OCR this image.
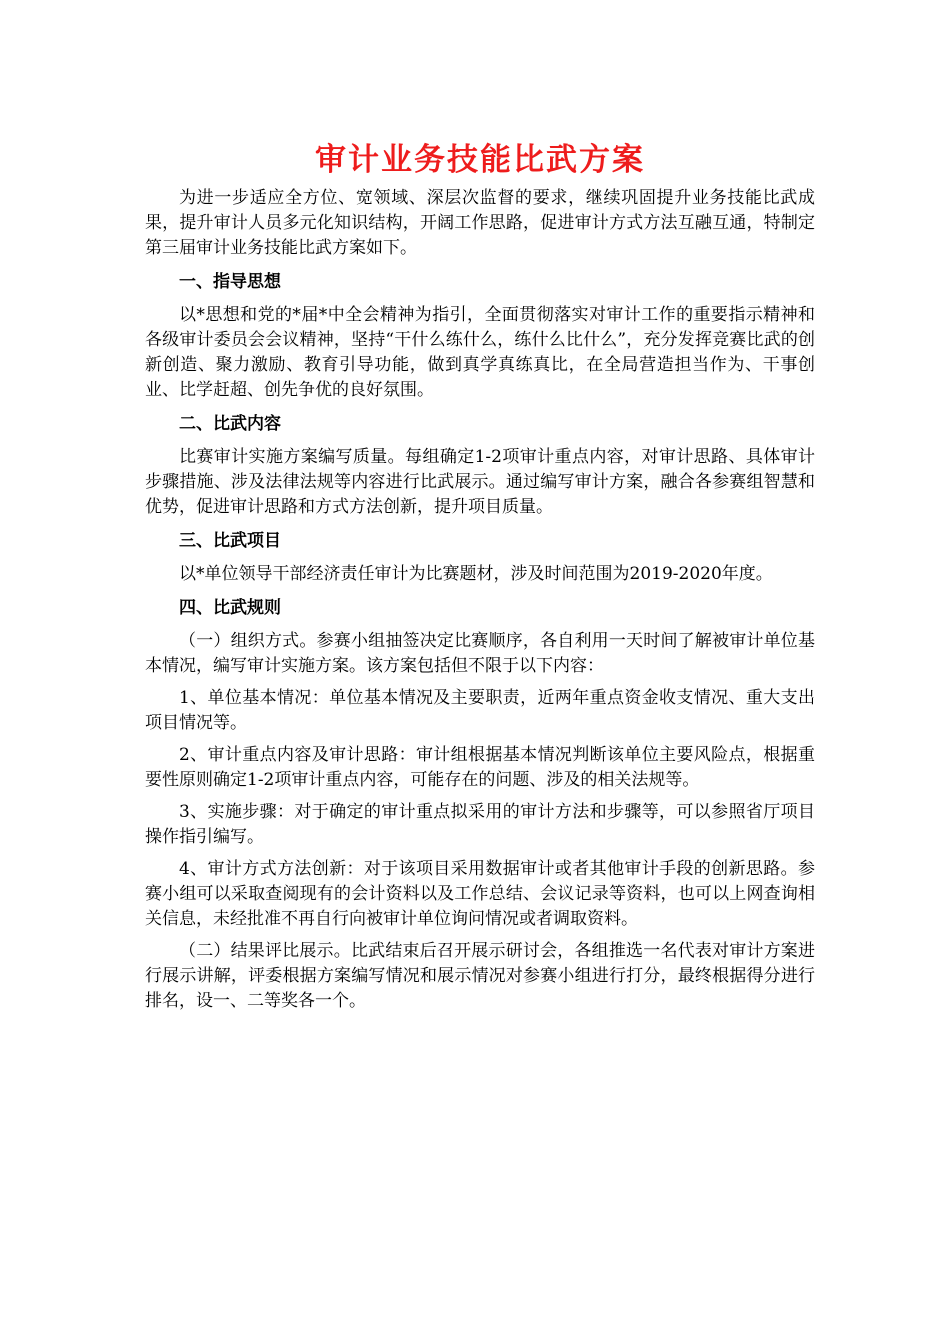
审计业务技能比武方案

为进一步适应全方位、宽领域、深层次监督的要求，继续巩固提升业务技能比武成果，提升审计人员多元化知识结构，开阔工作思路，促进审计方式方法互融互通，特制定第三届审计业务技能比武方案如下。

一、指导思想

以*思想和党的*届*中全会精神为指引，全面贯彻落实对审计工作的重要指示精神和各级审计委员会会议精神，坚持“干什么练什么，练什么比什么”，充分发挥竞赛比武的创新创造、聚力激励、教育引导功能，做到真学真练真比，在全局营造担当作为、干事创业、比学赶超、创先争优的良好氛围。

二、比武内容

比赛审计实施方案编写质量。每组确定1-2项审计重点内容，对审计思路、具体审计步骤措施、涉及法律法规等内容进行比武展示。通过编写审计方案，融合各参赛组智慧和优势，促进审计思路和方式方法创新，提升项目质量。

三、比武项目

以*单位领导干部经济责任审计为比赛题材，涉及时间范围为2019-2020年度。

四、比武规则

（一）组织方式。参赛小组抽签决定比赛顺序，各自利用一天时间了解被审计单位基本情况，编写审计实施方案。该方案包括但不限于以下内容：

1、单位基本情况：单位基本情况及主要职责，近两年重点资金收支情况、重大支出项目情况等。

2、审计重点内容及审计思路：审计组根据基本情况判断该单位主要风险点，根据重要性原则确定1-2项审计重点内容，可能存在的问题、涉及的相关法规等。

3、实施步骤：对于确定的审计重点拟采用的审计方法和步骤等，可以参照省厅项目操作指引编写。

4、审计方式方法创新：对于该项目采用数据审计或者其他审计手段的创新思路。参赛小组可以采取查阅现有的会计资料以及工作总结、会议记录等资料，也可以上网查询相关信息，未经批准不再自行向被审计单位询问情况或者调取资料。

（二）结果评比展示。比武结束后召开展示研讨会，各组推选一名代表对审计方案进行展示讲解，评委根据方案编写情况和展示情况对参赛小组进行打分，最终根据得分进行排名，设一、二等奖各一个。
